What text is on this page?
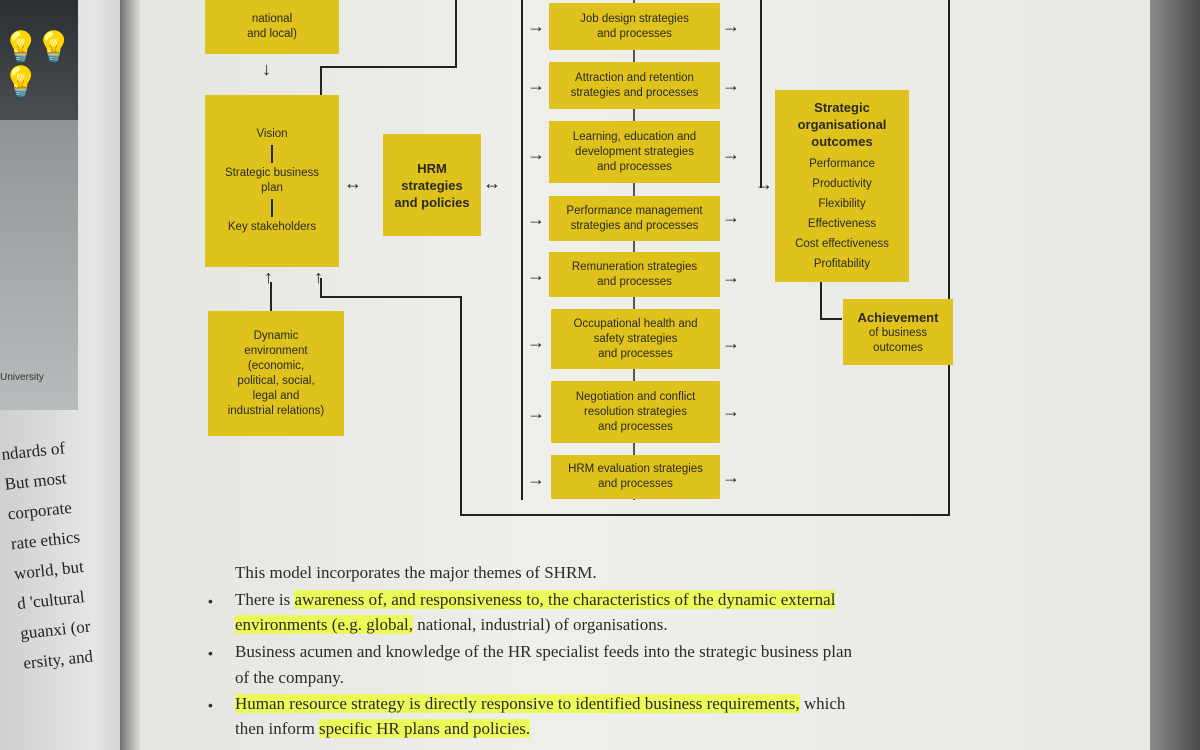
💡💡💡
University
ndards of
But most
corporate
rate ethics
world, but
d 'cultural
guanxi (or
ersity, and
↓
↑ ↑
↔	↔
→
→
→
→
→
→
→
→
→
→
→
→
→
→
→
→
→
national
and local)
Vision
Strategic business plan
Key stakeholders
HRM
strategies
and policies
Dynamic
environment
(economic,
political, social,
legal and
industrial relations)
Job design strategies
and processes
Attraction and retention
strategies and processes
Learning, education and
development strategies
and processes
Performance management
strategies and processes
Remuneration strategies
and processes
Occupational health and
safety strategies
and processes
Negotiation and conflict
resolution strategies
and processes
HRM evaluation strategies
and processes
Strategic
organisational
outcomes
Performance
Productivity
Flexibility
Effectiveness
Cost effectiveness
Profitability
Achievement
of business
outcomes
This model incorporates the major themes of SHRM.
• There is awareness of, and responsiveness to, the characteristics of the dynamic external
environments (e.g. global, national, industrial) of organisations.
• Business acumen and knowledge of the HR specialist feeds into the strategic business plan
of the company.
• Human resource strategy is directly responsive to identified business requirements, which
then inform specific HR plans and policies.
